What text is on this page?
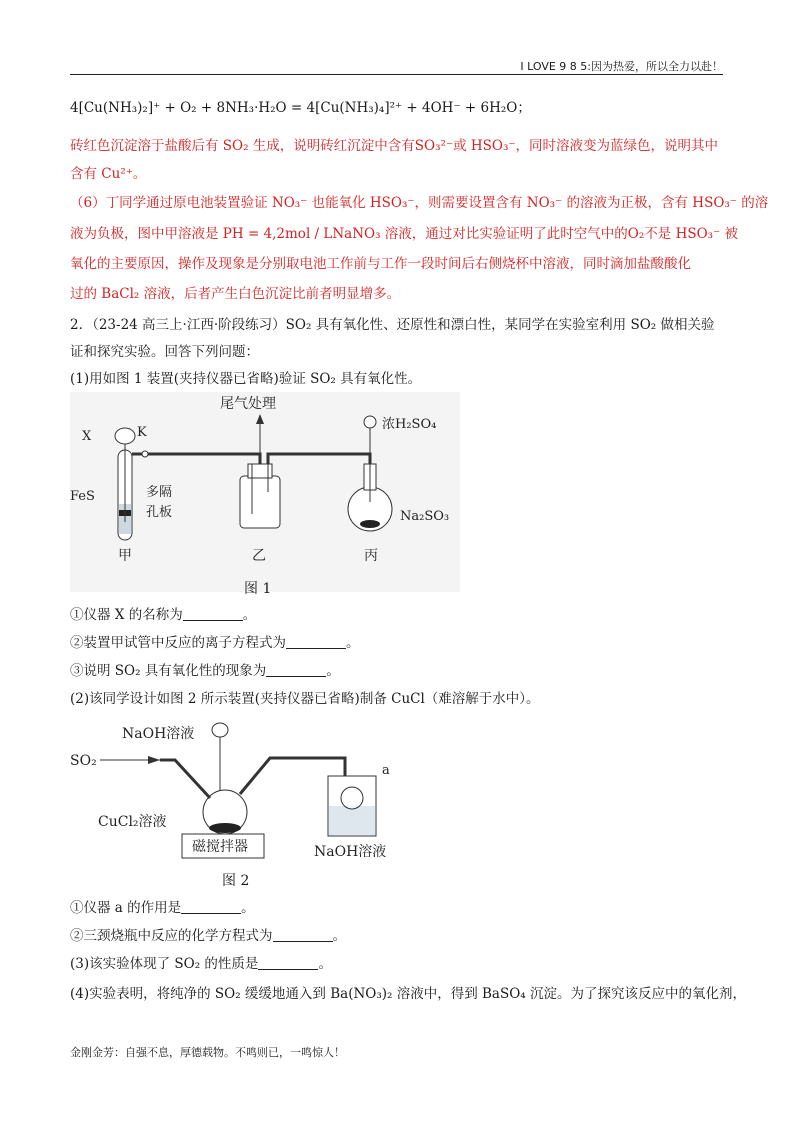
I LOVE 9 8 5:因为热爱，所以全力以赴！
4[Cu(NH₃)₂]⁺ + O₂ + 8NH₃·H₂O = 4[Cu(NH₃)₄]²⁺ + 4OH⁻ + 6H₂O；
砖红色沉淀溶于盐酸后有 SO₂ 生成，说明砖红沉淀中含有SO₃²⁻或 HSO₃⁻，同时溶液变为蓝绿色，说明其中
含有 Cu²⁺。
（6）丁同学通过原电池装置验证 NO₃⁻ 也能氧化 HSO₃⁻，则需要设置含有 NO₃⁻ 的溶液为正极，含有 HSO₃⁻ 的溶
液为负极，图中甲溶液是 PH = 4,2mol / LNaNO₃ 溶液，通过对比实验证明了此时空气中的O₂不是 HSO₃⁻ 被
氧化的主要原因，操作及现象是分别取电池工作前与工作一段时间后右侧烧杯中溶液，同时滴加盐酸酸化
过的 BaCl₂ 溶液，后者产生白色沉淀比前者明显增多。
2．（23-24 高三上·江西·阶段练习）SO₂ 具有氧化性、还原性和漂白性，某同学在实验室利用 SO₂ 做相关验
证和探究实验。回答下列问题：
(1)用如图 1 装置(夹持仪器已省略)验证 SO₂ 具有氧化性。
尾气处理
X	K
FeS	多隔
孔板
浓H₂SO₄
Na₂SO₃
甲	乙	丙
图 1
①仪器 X 的名称为	。
②装置甲试管中反应的离子方程式为	。
③说明 SO₂ 具有氧化性的现象为	。
(2)该同学设计如图 2 所示装置(夹持仪器已省略)制备 CuCl（难溶解于水中）。
NaOH溶液
SO₂
CuCl₂溶液
磁搅拌器	NaOH溶液
a
图 2
①仪器 a 的作用是	。
②三颈烧瓶中反应的化学方程式为	。
(3)该实验体现了 SO₂ 的性质是	。
(4)实验表明，将纯净的 SO₂ 缓缓地通入到 Ba(NO₃)₂ 溶液中，得到 BaSO₄ 沉淀。为了探究该反应中的氧化剂，
金刚金芳：自强不息，厚德载物。不鸣则已，一鸣惊人！
